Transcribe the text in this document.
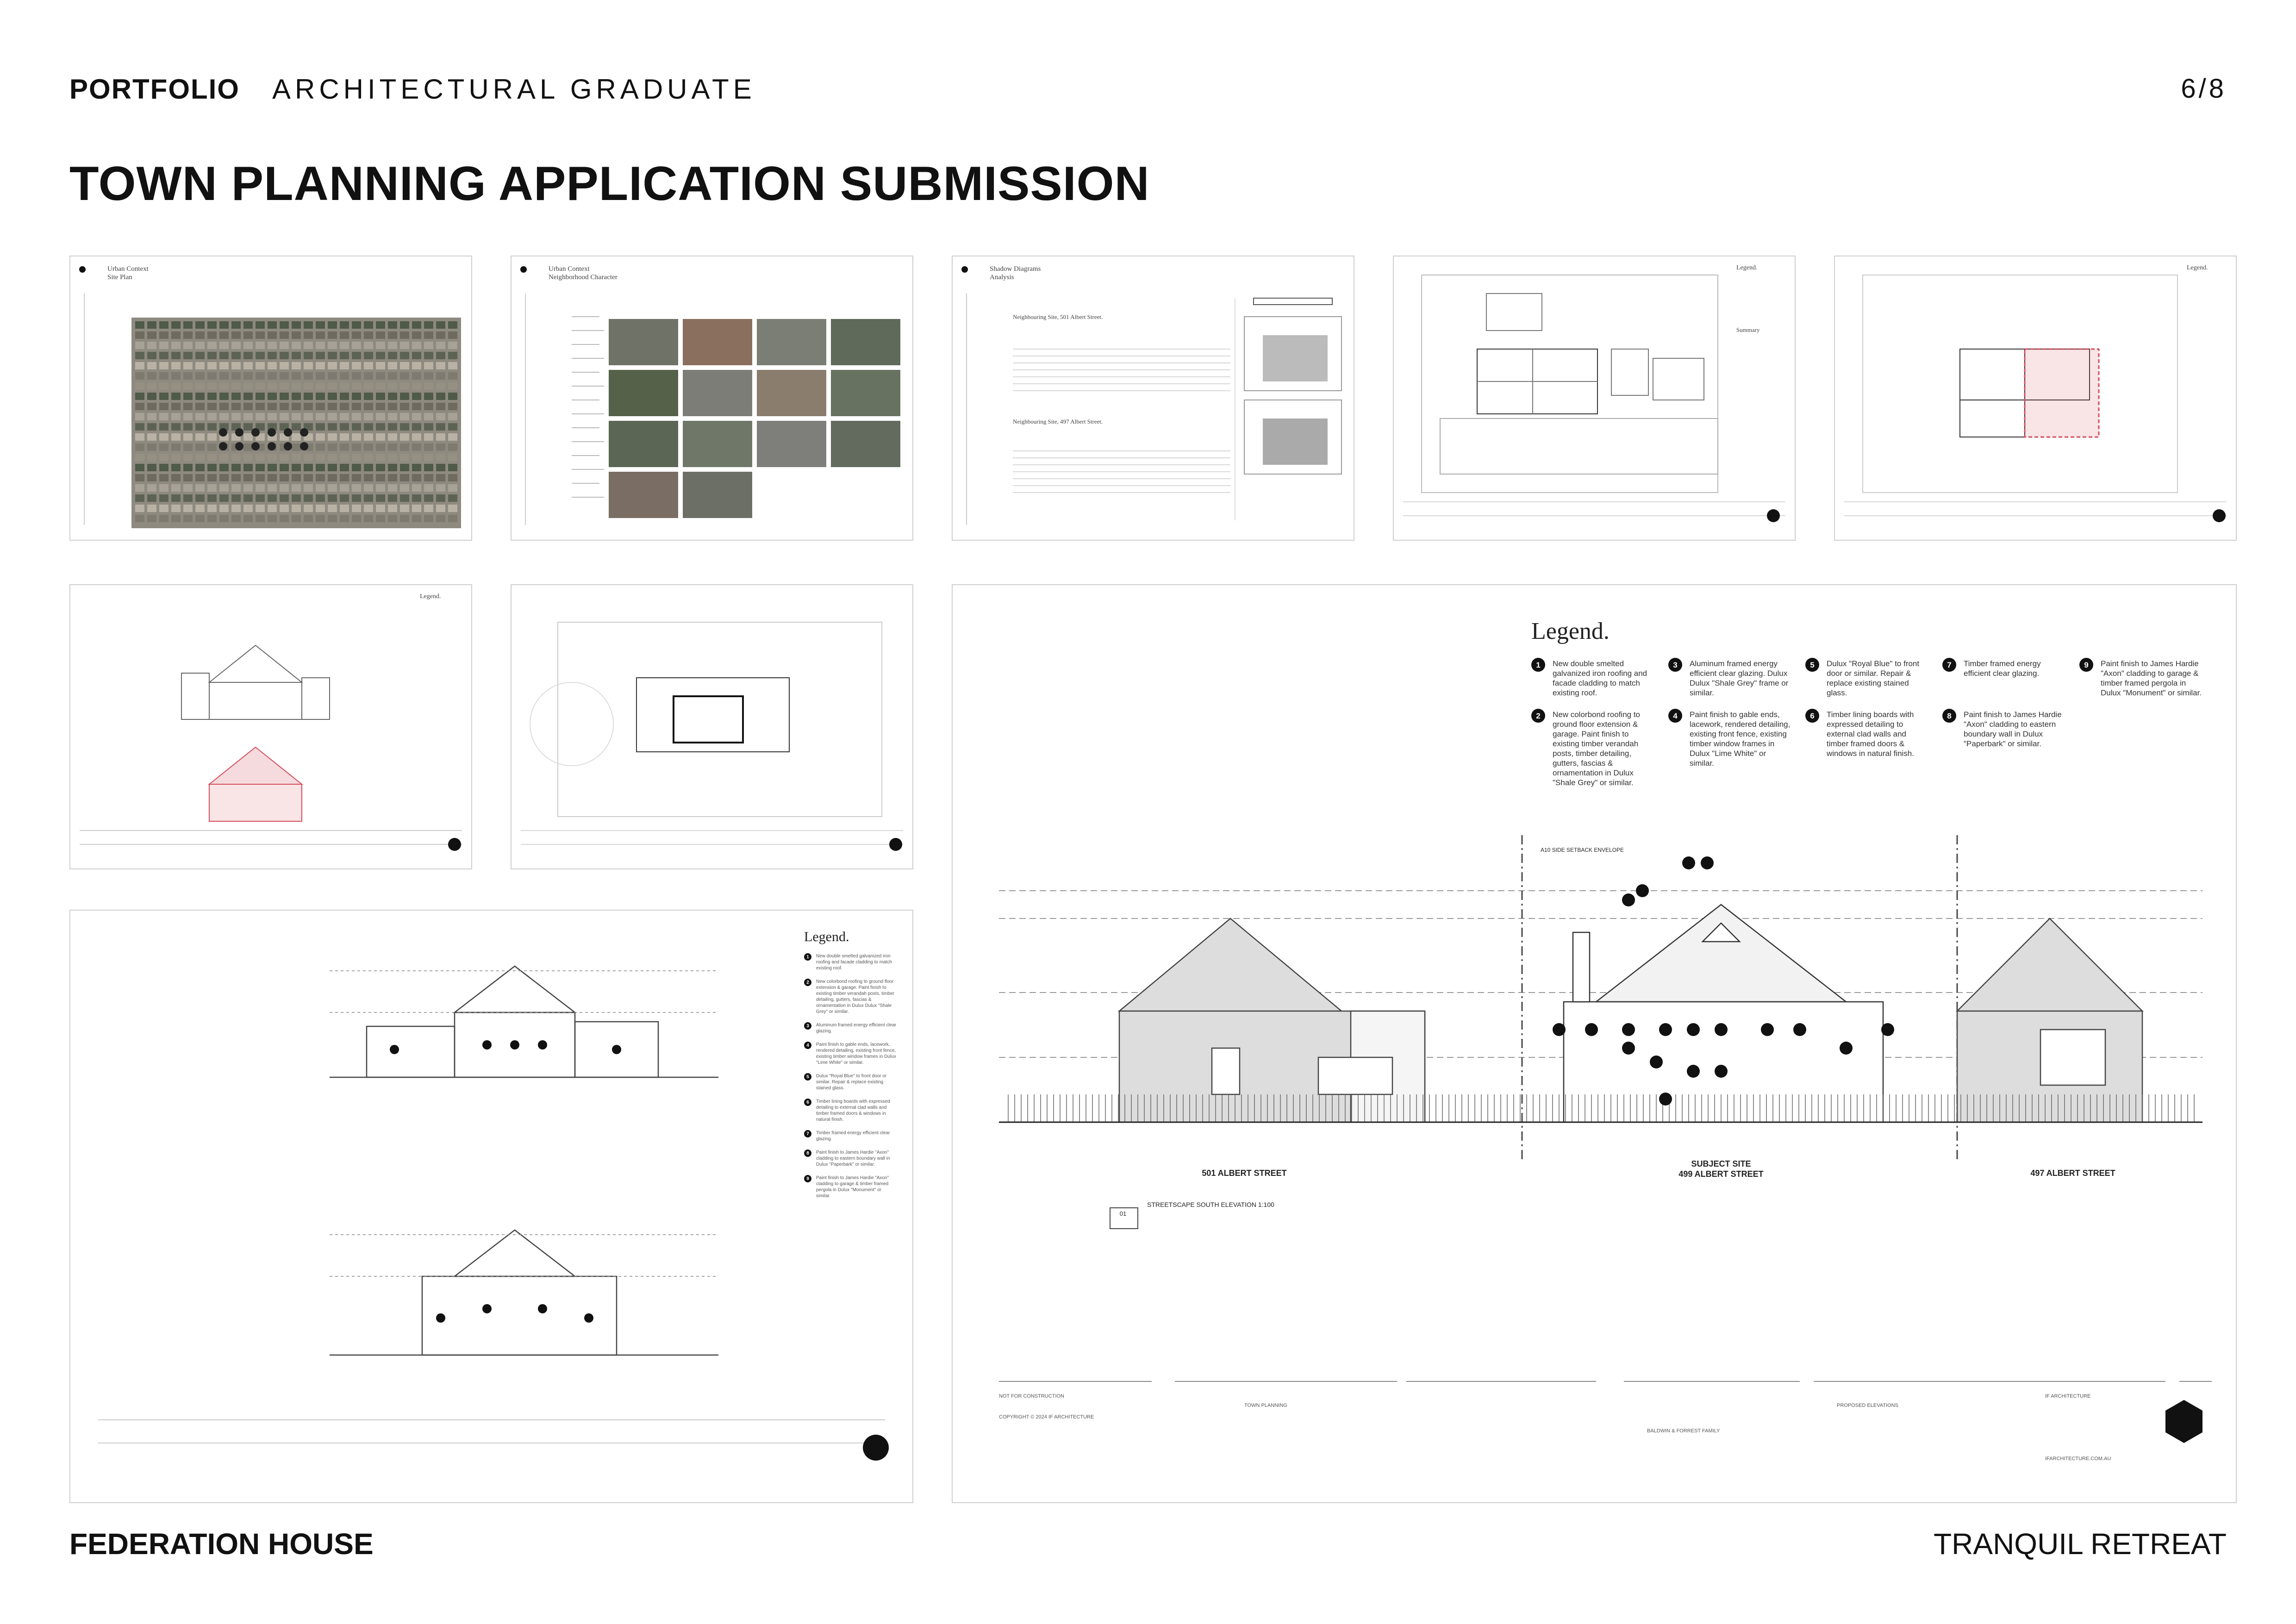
PORTFOLIO ARCHITECTURAL GRADUATE	6/8
TOWN PLANNING APPLICATION SUBMISSION
Urban Context
Site Plan
Urban Context
Neighborhood Character
Shadow Diagrams
Analysis
Neighbouring Site, 501 Albert Street.
Neighbouring Site, 497 Albert Street.
Legend.
Summary
Legend.
Legend.
Legend.
1	New double smelted galvanized iron roofing and facade cladding to match existing roof.
2	New colorbond roofing to ground floor extension & garage. Paint finish to existing timber verandah posts, timber detailing, gutters, fascias & ornamentation in Dulux Dulux "Shale Grey" or similar.
3	Aluminum framed energy efficient clear glazing.
4	Paint finish to gable ends, lacework, rendered detailing, existing front fence, existing timber window frames in Dulux "Lime White" or similar.
5	Dulux "Royal Blue" to front door or similar. Repair & replace existing stained glass.
6	Timber lining boards with expressed detailing to external clad walls and timber framed doors & windows in natural finish.
7	Timber framed energy efficient clear glazing.
8	Paint finish to James Hardie "Axon" cladding to eastern boundary wall in Dulux "Paperbark" or similar.
9	Paint finish to James Hardie "Axon" cladding to garage & timber framed pergola in Dulux "Monument" or similar.
Legend.
1	New double smelted galvanized iron roofing and facade cladding to match existing roof.
3	Aluminum framed energy efficient clear glazing. Dulux Dulux "Shale Grey" frame or similar.
5	Dulux "Royal Blue" to front door or similar. Repair & replace existing stained glass.
7	Timber framed energy efficient clear glazing.
9	Paint finish to James Hardie "Axon" cladding to garage & timber framed pergola in Dulux "Monument" or similar.
2	New colorbond roofing to ground floor extension & garage. Paint finish to existing timber verandah posts, timber detailing, gutters, fascias & ornamentation in Dulux "Shale Grey" or similar.
4	Paint finish to gable ends, lacework, rendered detailing, existing front fence, existing timber window frames in Dulux "Lime White" or similar.
6	Timber lining boards with expressed detailing to external clad walls and timber framed doors & windows in natural finish.
8	Paint finish to James Hardie "Axon" cladding to eastern boundary wall in Dulux "Paperbark" or similar.
501 ALBERT STREET
SUBJECT SITE
499 ALBERT STREET	497 ALBERT STREET
STREETSCAPE SOUTH ELEVATION 1:100
01
A10 SIDE SETBACK ENVELOPE
NOT FOR CONSTRUCTION
COPYRIGHT © 2024 IF ARCHITECTURE
TOWN PLANNING
BALDWIN & FORREST FAMILY
PROPOSED ELEVATIONS
IF ARCHITECTURE
IFARCHITECTURE.COM.AU
FEDERATION HOUSE	TRANQUIL RETREAT
